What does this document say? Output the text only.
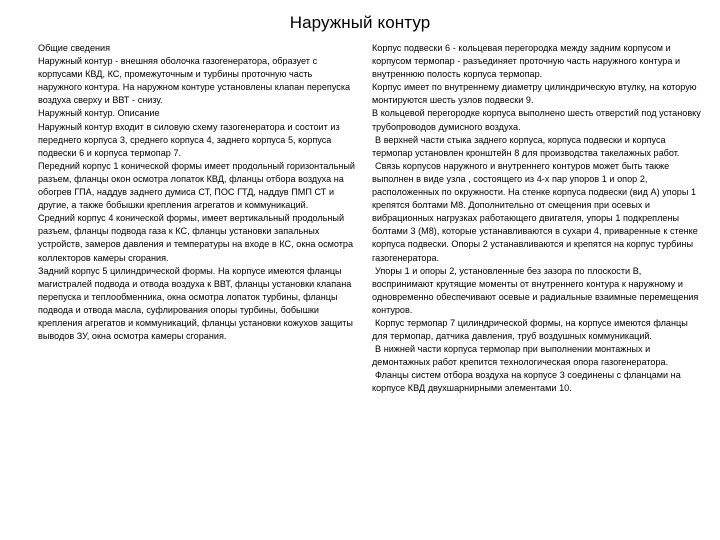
Наружный контур

Общие сведения

Наружный контур - внешняя оболочка газогенератора, образует с корпусами КВД, КС, промежуточным и турбины проточную часть наружного контура. На наружном контуре установлены клапан перепуска воздуха сверху и ВВТ - снизу.

Наружный контур. Описание

Наружный контур входит в силовую схему газогенератора и состоит из переднего корпуса 3, среднего корпуса 4, заднего корпуса 5, корпуса подвески 6 и корпуса термопар 7.

Передний корпус 1 конической формы имеет продольный горизонтальный разъем, фланцы окон осмотра лопаток КВД, фланцы отбора воздуха на обогрев ГПА, наддув заднего думиса СТ, ПОС ГТД, наддув ПМП СТ и другие, а также бобышки крепления агрегатов и коммуникаций.

Средний корпус 4 конической формы, имеет вертикальный продольный разъем, фланцы подвода газа к КС, фланцы установки запальных устройств, замеров давления и температуры на входе в КС, окна осмотра коллекторов камеры сгорания.

Задний корпус 5 цилиндрической формы. На корпусе имеются фланцы магистралей подвода и отвода воздуха к ВВТ, фланцы установки клапана перепуска и теплообменника, окна осмотра лопаток турбины, фланцы подвода и отвода масла, суфлирования опоры турбины, бобышки крепления агрегатов и коммуникаций, фланцы установки кожухов защиты выводов ЗУ, окна осмотра камеры сгорания.

Корпус подвески 6 - кольцевая перегородка между задним корпусом и корпусом термопар - разъединяет проточную часть наружного контура и внутреннюю полость корпуса термопар.

Корпус имеет по внутреннему диаметру цилиндрическую втулку, на которую монтируются шесть узлов подвески 9.

В кольцевой перегородке корпуса выполнено шесть отверстий под установку трубопроводов думисного воздуха.

В верхней части стыка заднего корпуса, корпуса подвески и корпуса термопар установлен кронштейн 8 для производства такелажных работ.

Связь корпусов наружного и внутреннего контуров может быть также выполнен в виде узла , состоящего из 4-х пар упоров 1 и опор 2, расположенных по окружности. На стенке корпуса подвески (вид А) упоры 1 крепятся болтами М8. Дополнительно от смещения при осевых и вибрационных нагрузках работающего двигателя, упоры 1 подкреплены болтами 3 (М8), которые устанавливаются в сухари 4, приваренные к стенке корпуса подвески. Опоры 2 устанавливаются и крепятся на корпус турбины газогенератора.

Упоры 1 и опоры 2, установленные без зазора по плоскости В, воспринимают крутящие моменты от внутреннего контура к наружному и одновременно обеспечивают осевые и радиальные взаимные перемещения контуров.

Корпус термопар 7 цилиндрической формы, на корпусе имеются фланцы для термопар, датчика давления, труб воздушных коммуникаций.

В нижней части корпуса термопар при выполнении монтажных и демонтажных работ крепится технологическая опора газогенератора.

Фланцы систем отбора воздуха на корпусе 3 соединены с фланцами на корпусе КВД двухшарнирными элементами 10.
